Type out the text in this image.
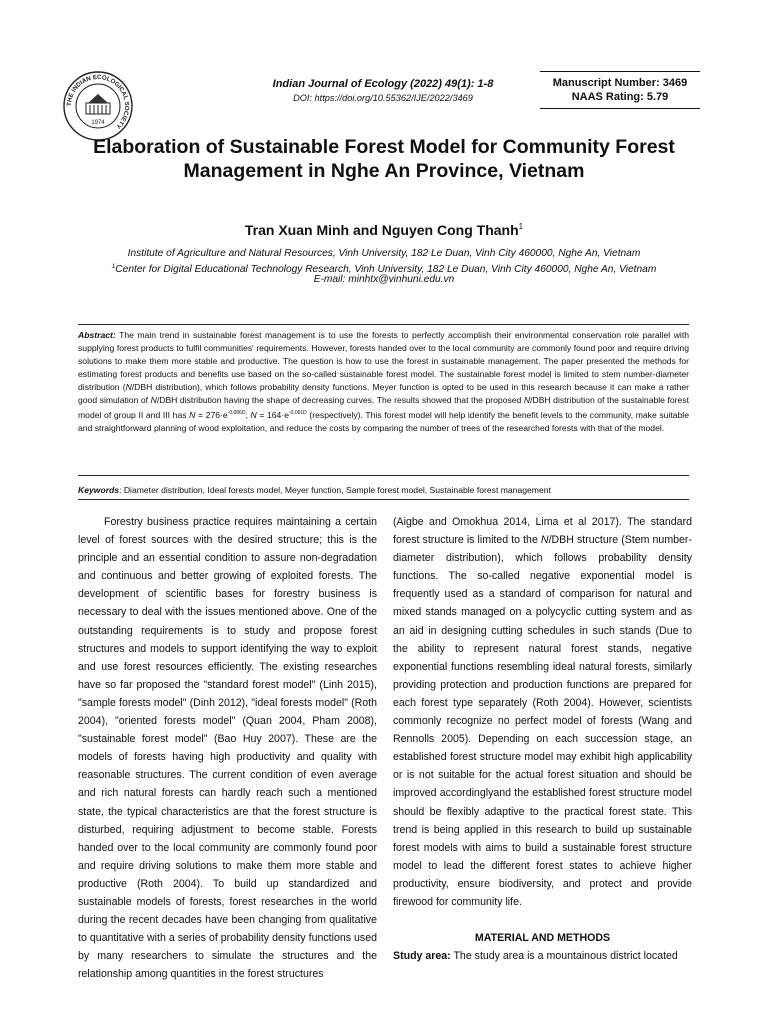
THE INDIAN ECOLOGICAL SOCIETY
1974
Indian Journal of Ecology (2022) 49(1): 1-8
DOI: https://doi.org/10.55362/IJE/2022/3469
Manuscript Number: 3469
NAAS Rating: 5.79
Elaboration of Sustainable Forest Model for Community Forest
Management in Nghe An Province, Vietnam
Tran Xuan Minh and Nguyen Cong Thanh$^1$
Institute of Agriculture and Natural Resources, Vinh University, 182 Le Duan, Vinh City 460000, Nghe An, Vietnam
$^1$Center for Digital Educational Technology Research, Vinh University, 182 Le Duan, Vinh City 460000, Nghe An, Vietnam
E-mail: minhtx@vinhuni.edu.vn
Abstract: The main trend in sustainable forest management is to use the forests to perfectly accomplish their environmental conservation role parallel with supplying forest products to fulfil communities' requirements. However, forests handed over to the local community are commonly found poor and require driving solutions to make them more stable and productive. The question is how to use the forest in sustainable management. The paper presented the methods for estimating forest products and benefits use based on the so-called sustainable forest model. The sustainable forest model is limited to stem number-diameter distribution (N/DBH distribution), which follows probability density functions. Meyer function is opted to be used in this research because it can make a rather good simulation of N/DBH distribution having the shape of decreasing curves. The results showed that the proposed N/DBH distribution of the sustainable forest model of group II and III has $N = 276\cdot e^{-0.086D}$; $N = 164\cdot e^{-0.061D}$ (respectively). This forest model will help identify the benefit levels to the community, make suitable and straightforward planning of wood exploitation, and reduce the costs by comparing the number of trees of the researched forests with that of the model.
Keywords: Diameter distribution, Ideal forests model, Meyer function, Sample forest model, Sustainable forest management

Forestry business practice requires maintaining a certain level of forest sources with the desired structure; this is the principle and an essential condition to assure non-degradation and continuous and better growing of exploited forests. The development of scientific bases for forestry business is necessary to deal with the issues mentioned above. One of the outstanding requirements is to study and propose forest structures and models to support identifying the way to exploit and use forest resources efficiently. The existing researches have so far proposed the "standard forest model" (Linh 2015), "sample forests model" (Dinh 2012), "ideal forests model" (Roth 2004), "oriented forests model" (Quan 2004, Pham 2008), "sustainable forest model" (Bao Huy 2007). These are the models of forests having high productivity and quality with reasonable structures. The current condition of even average and rich natural forests can hardly reach such a mentioned state, the typical characteristics are that the forest structure is disturbed, requiring adjustment to become stable. Forests handed over to the local community are commonly found poor and require driving solutions to make them more stable and productive (Roth 2004). To build up standardized and sustainable models of forests, forest researches in the world during the recent decades have been changing from qualitative to quantitative with a series of probability density functions used by many researchers to simulate the structures and the relationship among quantities in the forest structures

(Aigbe and Omokhua 2014, Lima et al 2017). The standard forest structure is limited to the N/DBH structure (Stem number-diameter distribution), which follows probability density functions. The so-called negative exponential model is frequently used as a standard of comparison for natural and mixed stands managed on a polycyclic cutting system and as an aid in designing cutting schedules in such stands (Due to the ability to represent natural forest stands, negative exponential functions resembling ideal natural forests, similarly providing protection and production functions are prepared for each forest type separately (Roth 2004). However, scientists commonly recognize no perfect model of forests (Wang and Rennolls 2005). Depending on each succession stage, an established forest structure model may exhibit high applicability or is not suitable for the actual forest situation and should be improved accordinglyand the established forest structure model should be flexibly adaptive to the practical forest state. This trend is being applied in this research to build up sustainable forest models with aims to build a sustainable forest structure model to lead the different forest states to achieve higher productivity, ensure biodiversity, and protect and provide firewood for community life.

MATERIAL AND METHODS

Study area: The study area is a mountainous district located
